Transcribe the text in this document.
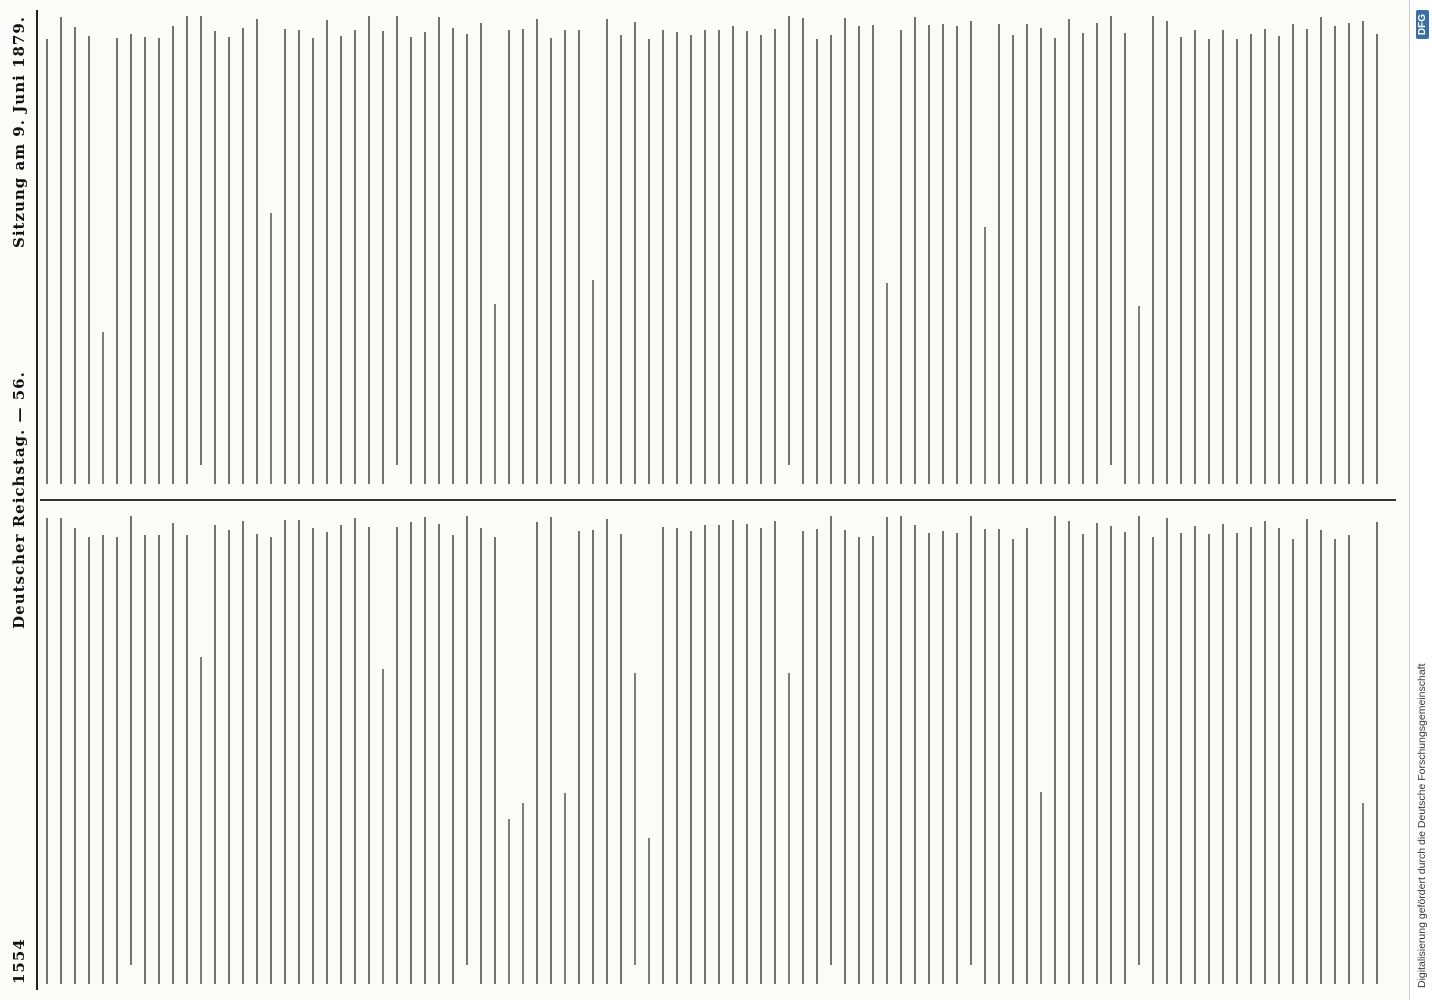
1554
Deutscher Reichstag. — 56.
Sitzung am 9. Juni 1879.
Digitalisierung gefördert durch die Deutsche Forschungsgemeinschaft
DFG
